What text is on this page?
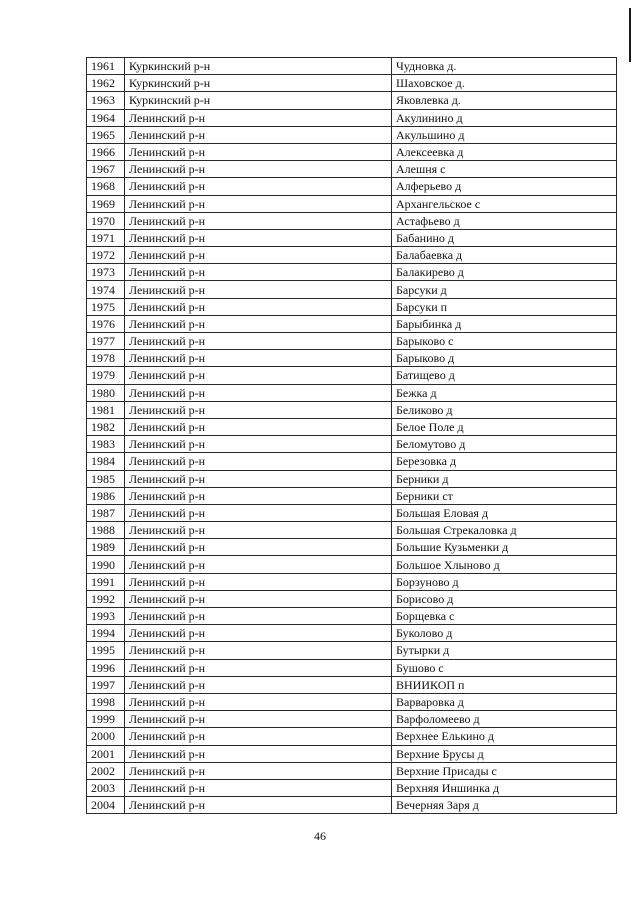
1961	Куркинский р-н	Чудновка д.
1962	Куркинский р-н	Шаховское д.
1963	Куркинский р-н	Яковлевка д.
1964	Ленинский р-н	Акулинино д
1965	Ленинский р-н	Акульшино д
1966	Ленинский р-н	Алексеевка д
1967	Ленинский р-н	Алешня с
1968	Ленинский р-н	Алферьево д
1969	Ленинский р-н	Архангельское с
1970	Ленинский р-н	Астафьево д
1971	Ленинский р-н	Бабанино д
1972	Ленинский р-н	Балабаевка д
1973	Ленинский р-н	Балакирево д
1974	Ленинский р-н	Барсуки д
1975	Ленинский р-н	Барсуки п
1976	Ленинский р-н	Барыбинка д
1977	Ленинский р-н	Барыково с
1978	Ленинский р-н	Барыково д
1979	Ленинский р-н	Батищево д
1980	Ленинский р-н	Бежка д
1981	Ленинский р-н	Беликово д
1982	Ленинский р-н	Белое Поле д
1983	Ленинский р-н	Беломутово д
1984	Ленинский р-н	Березовка д
1985	Ленинский р-н	Берники д
1986	Ленинский р-н	Берники ст
1987	Ленинский р-н	Большая Еловая д
1988	Ленинский р-н	Большая Стрекаловка д
1989	Ленинский р-н	Большие Кузьменки д
1990	Ленинский р-н	Большое Хлыново д
1991	Ленинский р-н	Борзуново д
1992	Ленинский р-н	Борисово д
1993	Ленинский р-н	Борщевка с
1994	Ленинский р-н	Буколово д
1995	Ленинский р-н	Бутырки д
1996	Ленинский р-н	Бушово с
1997	Ленинский р-н	ВНИИКОП п
1998	Ленинский р-н	Варваровка д
1999	Ленинский р-н	Варфоломеево д
2000	Ленинский р-н	Верхнее Елькино д
2001	Ленинский р-н	Верхние Брусы д
2002	Ленинский р-н	Верхние Присады с
2003	Ленинский р-н	Верхняя Иншинка д
2004	Ленинский р-н	Вечерняя Заря д
46
